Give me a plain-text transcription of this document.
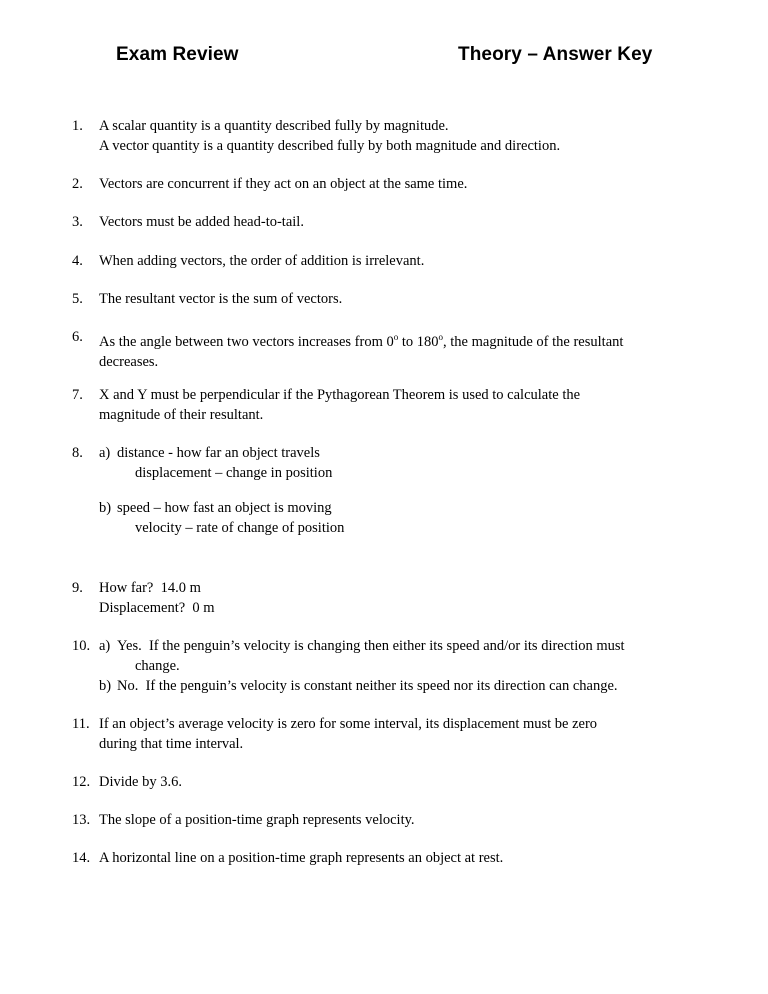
Exam Review	Theory – Answer Key
1. A scalar quantity is a quantity described fully by magnitude.
A vector quantity is a quantity described fully by both magnitude and direction.
2. Vectors are concurrent if they act on an object at the same time.
3. Vectors must be added head-to-tail.
4. When adding vectors, the order of addition is irrelevant.
5. The resultant vector is the sum of vectors.
6. As the angle between two vectors increases from 0$^o$ to 180$^o$, the magnitude of the resultant
decreases.
7. X and Y must be perpendicular if the Pythagorean Theorem is used to calculate the
magnitude of their resultant.
8. a) distance - how far an object travels
displacement – change in position
b) speed – how fast an object is moving
velocity – rate of change of position
9. How far?  14.0 m
Displacement?  0 m
10. a) Yes.  If the penguin’s velocity is changing then either its speed and/or its direction must
change.
b) No.  If the penguin’s velocity is constant neither its speed nor its direction can change.
11. If an object’s average velocity is zero for some interval, its displacement must be zero
during that time interval.
12. Divide by 3.6.
13. The slope of a position-time graph represents velocity.
14. A horizontal line on a position-time graph represents an object at rest.
